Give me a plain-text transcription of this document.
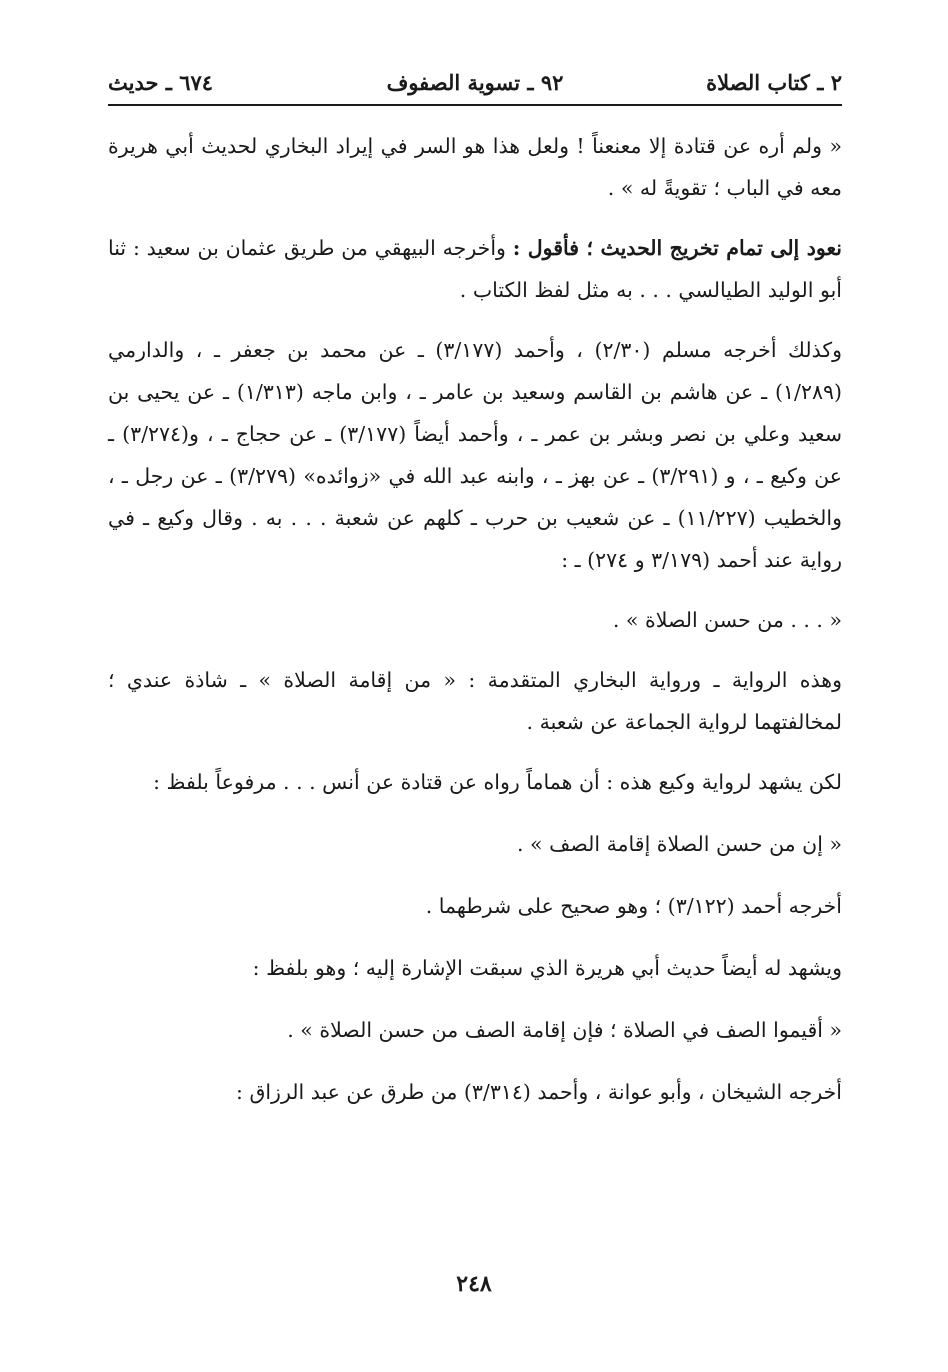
٢ ـ كتاب الصلاة
٩٢ ـ تسوية الصفوف
٦٧٤ ـ حديث

« ولم أره عن قتادة إلا معنعناً ! ولعل هذا هو السر في إيراد البخاري لحديث أبي هريرة معه في الباب ؛ تقويةً له » .

نعود إلى تمام تخريج الحديث ؛ فأقول : وأخرجه البيهقي من طريق عثمان بن سعيد : ثنا أبو الوليد الطيالسي . . . به مثل لفظ الكتاب .

وكذلك أخرجه مسلم (٢/٣٠) ، وأحمد (٣/١٧٧) ـ عن محمد بن جعفر ـ ، والدارمي (١/٢٨٩) ـ عن هاشم بن القاسم وسعيد بن عامر ـ ، وابن ماجه (١/٣١٣) ـ عن يحيى بن سعيد وعلي بن نصر وبشر بن عمر ـ ، وأحمد أيضاً (٣/١٧٧) ـ عن حجاج ـ ، و(٣/٢٧٤) ـ عن وكيع ـ ، و (٣/٢٩١) ـ عن بهز ـ ، وابنه عبد الله في «زوائده» (٣/٢٧٩) ـ عن رجل ـ ، والخطيب (١١/٢٢٧) ـ عن شعيب بن حرب ـ كلهم عن شعبة . . . به . وقال وكيع ـ في رواية عند أحمد (٣/١٧٩ و ٢٧٤) ـ :

« . . . من حسن الصلاة » .

وهذه الرواية ـ ورواية البخاري المتقدمة : « من إقامة الصلاة » ـ شاذة عندي ؛ لمخالفتهما لرواية الجماعة عن شعبة .

لكن يشهد لرواية وكيع هذه : أن هماماً رواه عن قتادة عن أنس . . . مرفوعاً بلفظ :

« إن من حسن الصلاة إقامة الصف » .

أخرجه أحمد (٣/١٢٢) ؛ وهو صحيح على شرطهما .

ويشهد له أيضاً حديث أبي هريرة الذي سبقت الإشارة إليه ؛ وهو بلفظ :

« أقيموا الصف في الصلاة ؛ فإن إقامة الصف من حسن الصلاة » .

أخرجه الشيخان ، وأبو عوانة ، وأحمد (٣/٣١٤) من طرق عن عبد الرزاق :

٢٤٨
